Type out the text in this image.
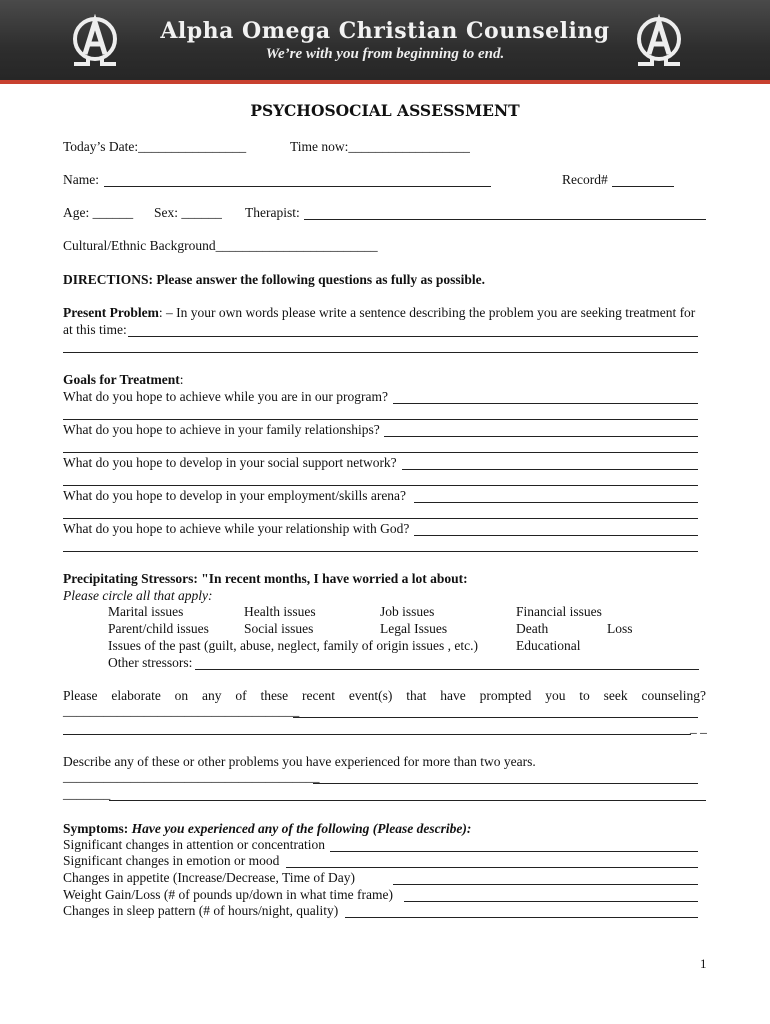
Alpha Omega Christian Counseling
We’re with you from beginning to end.
PSYCHOSOCIAL ASSESSMENT
Today’s Date:________________	Time now:__________________
Name:	Record#
Age: ______ Sex: ______ Therapist:
Cultural/Ethnic Background________________________
DIRECTIONS: Please answer the following questions as fully as possible.
Present Problem: – In your own words please write a sentence describing the problem you are seeking treatment for
at this time:
Goals for Treatment:
What do you hope to achieve while you are in our program?
What do you hope to achieve in your family relationships?
What do you hope to develop in your social support network?
What do you hope to develop in your employment/skills arena?
What do you hope to achieve while your relationship with God?
Precipitating Stressors: "In recent months, I have worried a lot about:
Please circle all that apply:
Marital issues	Health issues	Job issues	Financial issues
Parent/child issues	Social issues	Legal Issues	Death	Loss
Issues of the past (guilt, abuse, neglect, family of origin issues , etc.)	Educational
Other stressors:
Please elaborate on any of these recent event(s) that have prompted you to seek counseling?
___________________________________
_ _
Describe any of these or other problems you have experienced for more than two years.
______________________________________
_______
Symptoms: Have you experienced any of the following (Please describe):
Significant changes in attention or concentration
Significant changes in emotion or mood
Changes in appetite (Increase/Decrease, Time of Day)
Weight Gain/Loss (# of pounds up/down in what time frame)
Changes in sleep pattern (# of hours/night, quality)
1
